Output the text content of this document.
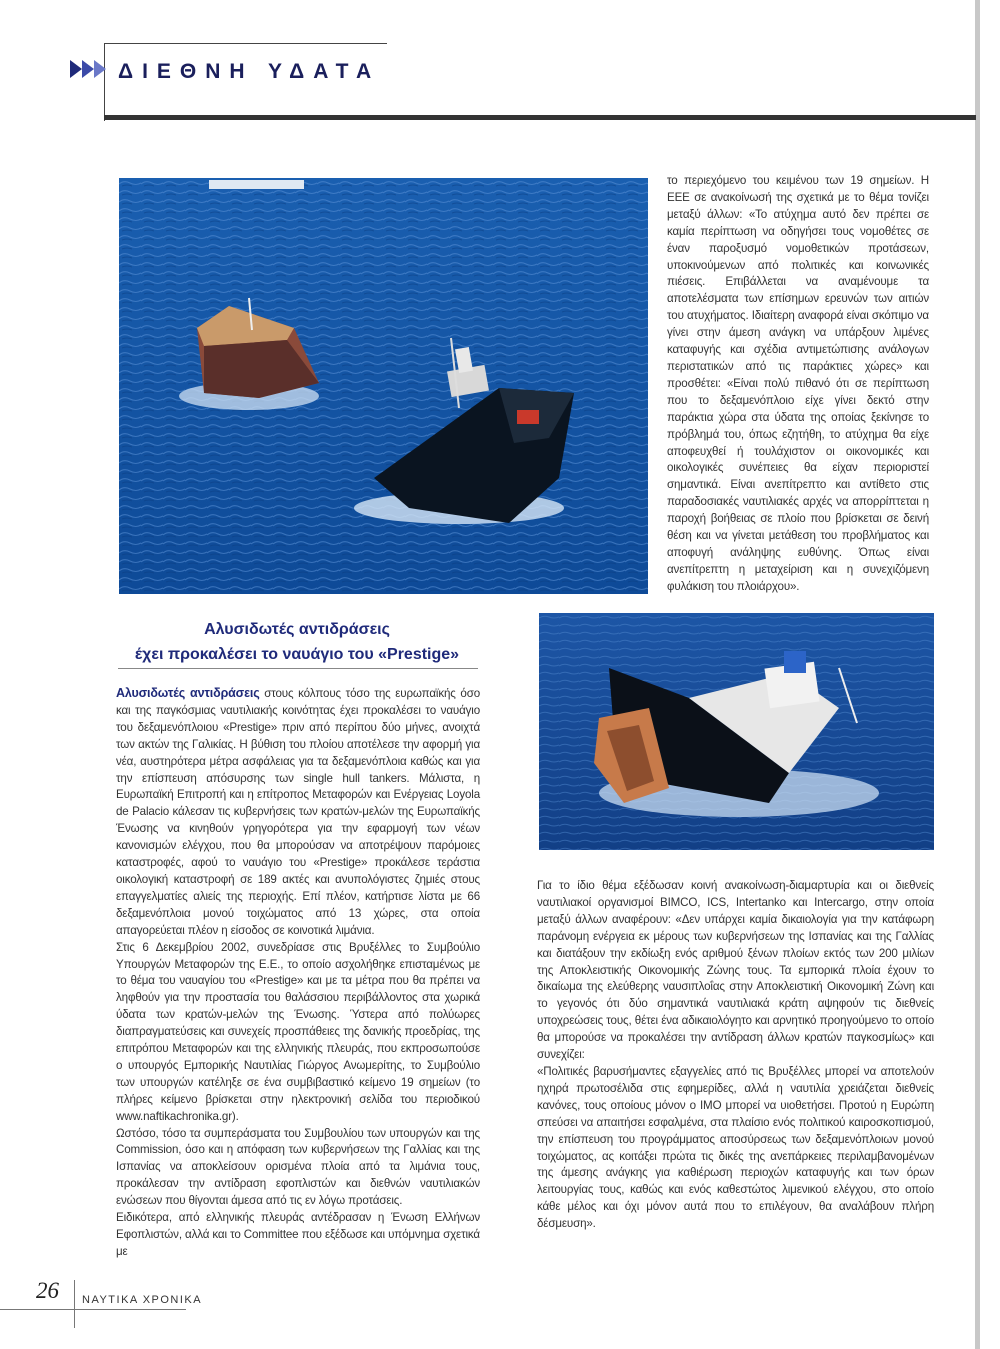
ΔΙΕΘΝΗ ΥΔΑΤΑ

το περιεχόμενο του κειμένου των 19 σημείων. Η ΕΕΕ σε ανακοίνωσή της σχετικά με το θέμα τονίζει μεταξύ άλλων: «Το ατύχημα αυτό δεν πρέπει σε καμία περίπτωση να οδηγήσει τους νομοθέτες σε έναν παροξυσμό νομοθετικών προτάσεων, υποκινούμενων από πολιτικές και κοινωνικές πιέσεις. Επιβάλλεται να αναμένουμε τα αποτελέσματα των επίσημων ερευνών των αιτιών του ατυχήματος. Ιδιαίτερη αναφορά είναι σκόπιμο να γίνει στην άμεση ανάγκη να υπάρξουν λιμένες καταφυγής και σχέδια αντιμετώπισης ανάλογων περιστατικών από τις παράκτιες χώρες» και προσθέτει: «Είναι πολύ πιθανό ότι σε περίπτωση που το δεξαμενόπλοιο είχε γίνει δεκτό στην παράκτια χώρα στα ύδατα της οποίας ξεκίνησε το πρόβλημά του, όπως εζητήθη, το ατύχημα θα είχε αποφευχθεί ή τουλάχιστον οι οικονομικές και οικολογικές συνέπειες θα είχαν περιοριστεί σημαντικά. Είναι ανεπίτρεπτο και αντίθετο στις παραδοσιακές ναυτιλιακές αρχές να απορρίπτεται η παροχή βοήθειας σε πλοίο που βρίσκεται σε δεινή θέση και να γίνεται μετάθεση του προβλήματος και αποφυγή ανάληψης ευθύνης. Όπως είναι ανεπίτρεπτη η μεταχείριση και η συνεχιζόμενη φυλάκιση του πλοιάρχου».

Αλυσιδωτές αντιδράσεις
έχει προκαλέσει το ναυάγιο του «Prestige»

Αλυσιδωτές αντιδράσεις στους κόλπους τόσο της ευρωπαϊκής όσο και της παγκόσμιας ναυτιλιακής κοινότητας έχει προκαλέσει το ναυάγιο του δεξαμενόπλοιου «Prestige» πριν από περίπου δύο μήνες, ανοιχτά των ακτών της Γαλικίας. Η βύθιση του πλοίου αποτέλεσε την αφορμή για νέα, αυστηρότερα μέτρα ασφάλειας για τα δεξαμενόπλοια καθώς και για την επίσπευση απόσυρσης των single hull tankers. Μάλιστα, η Ευρωπαϊκή Επιτροπή και η επίτροπος Μεταφορών και Ενέργειας Loyola de Palacio κάλεσαν τις κυβερνήσεις των κρατών-μελών της Ευρωπαϊκής Ένωσης να κινηθούν γρηγορότερα για την εφαρμογή των νέων κανονισμών ελέγχου, που θα μπορούσαν να αποτρέψουν παρόμοιες καταστροφές, αφού το ναυάγιο του «Prestige» προκάλεσε τεράστια οικολογική καταστροφή σε 189 ακτές και ανυπολόγιστες ζημιές στους επαγγελματίες αλιείς της περιοχής. Επί πλέον, κατήρτισε λίστα με 66 δεξαμενόπλοια μονού τοιχώματος από 13 χώρες, στα οποία απαγορεύεται πλέον η είσοδος σε κοινοτικά λιμάνια.

Στις 6 Δεκεμβρίου 2002, συνεδρίασε στις Βρυξέλλες το Συμβούλιο Υπουργών Μεταφορών της Ε.Ε., το οποίο ασχολήθηκε επισταμένως με το θέμα του ναυαγίου του «Prestige» και με τα μέτρα που θα πρέπει να ληφθούν για την προστασία του θαλάσσιου περιβάλλοντος στα χωρικά ύδατα των κρατών-μελών της Ένωσης. Ύστερα από πολύωρες διαπραγματεύσεις και συνεχείς προσπάθειες της δανικής προεδρίας, της επιτρόπου Μεταφορών και της ελληνικής πλευράς, που εκπροσωπούσε ο υπουργός Εμπορικής Ναυτιλίας Γιώργος Ανωμερίτης, το Συμβούλιο των υπουργών κατέληξε σε ένα συμβιβαστικό κείμενο 19 σημείων (το πλήρες κείμενο βρίσκεται στην ηλεκτρονική σελίδα του περιοδικού www.naftikachronika.gr).

Ωστόσο, τόσο τα συμπεράσματα του Συμβουλίου των υπουργών και της Commission, όσο και η απόφαση των κυβερνήσεων της Γαλλίας και της Ισπανίας να αποκλείσουν ορισμένα πλοία από τα λιμάνια τους, προκάλεσαν την αντίδραση εφοπλιστών και διεθνών ναυτιλιακών ενώσεων που θίγονται άμεσα από τις εν λόγω προτάσεις.

Ειδικότερα, από ελληνικής πλευράς αντέδρασαν η Ένωση Ελλήνων Εφοπλιστών, αλλά και το Committee που εξέδωσε και υπόμνημα σχετικά με

Για το ίδιο θέμα εξέδωσαν κοινή ανακοίνωση-διαμαρτυρία και οι διεθνείς ναυτιλιακοί οργανισμοί BIMCO, ICS, Intertanko και Intercargo, στην οποία μεταξύ άλλων αναφέρουν: «Δεν υπάρχει καμία δικαιολογία για την κατάφωρη παράνομη ενέργεια εκ μέρους των κυβερνήσεων της Ισπανίας και της Γαλλίας και διατάξουν την εκδίωξη ενός αριθμού ξένων πλοίων εκτός των 200 μιλίων της Αποκλειστικής Οικονομικής Ζώνης τους. Τα εμπορικά πλοία έχουν το δικαίωμα της ελεύθερης ναυσιπλοΐας στην Αποκλειστική Οικονομική Ζώνη και το γεγονός ότι δύο σημαντικά ναυτιλιακά κράτη αψηφούν τις διεθνείς υποχρεώσεις τους, θέτει ένα αδικαιολόγητο και αρνητικό προηγούμενο το οποίο θα μπορούσε να προκαλέσει την αντίδραση άλλων κρατών παγκοσμίως» και συνεχίζει:

«Πολιτικές βαρυσήμαντες εξαγγελίες από τις Βρυξέλλες μπορεί να αποτελούν ηχηρά πρωτοσέλιδα στις εφημερίδες, αλλά η ναυτιλία χρειάζεται διεθνείς κανόνες, τους οποίους μόνον ο ΙΜΟ μπορεί να υιοθετήσει. Προτού η Ευρώπη σπεύσει να απαιτήσει εσφαλμένα, στα πλαίσιο ενός πολιτικού καιροσκοπισμού, την επίσπευση του προγράμματος αποσύρσεως των δεξαμενόπλοιων μονού τοιχώματος, ας κοιτάξει πρώτα τις δικές της ανεπάρκειες περιλαμβανομένων της άμεσης ανάγκης για καθιέρωση περιοχών καταφυγής και των όρων λειτουργίας τους, καθώς και ενός καθεστώτος λιμενικού ελέγχου, στο οποίο κάθε μέλος και όχι μόνον αυτά που το επιλέγουν, θα αναλάβουν πλήρη δέσμευση».

26 ΝΑΥΤΙΚΑ ΧΡΟΝΙΚΑ
